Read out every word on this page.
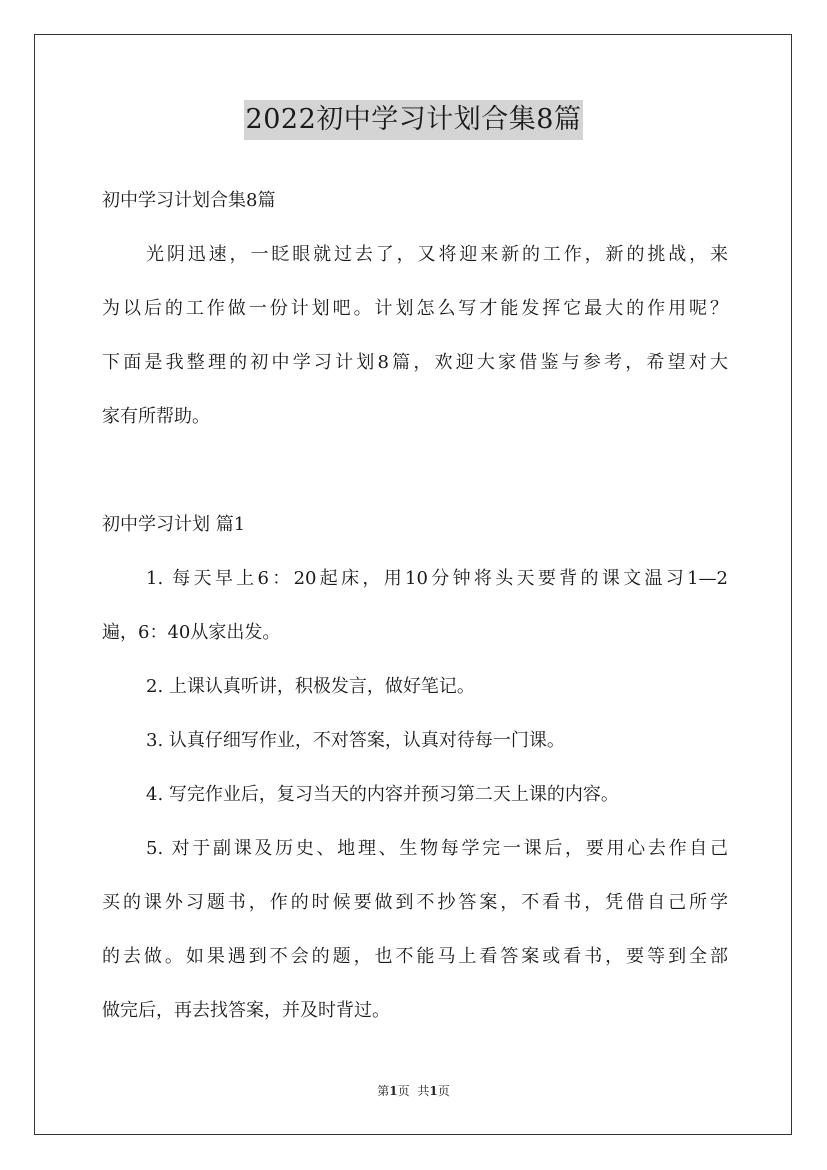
2022初中学习计划合集8篇
初中学习计划合集8篇
光阴迅速，一眨眼就过去了，又将迎来新的工作，新的挑战，来
为以后的工作做一份计划吧。计划怎么写才能发挥它最大的作用呢？
下面是我整理的初中学习计划8篇，欢迎大家借鉴与参考，希望对大
家有所帮助。
初中学习计划 篇1
1. 每天早上6：20起床，用10分钟将头天要背的课文温习1—2
遍，6：40从家出发。
2. 上课认真听讲，积极发言，做好笔记。
3. 认真仔细写作业，不对答案，认真对待每一门课。
4. 写完作业后，复习当天的内容并预习第二天上课的内容。
5. 对于副课及历史、地理、生物每学完一课后，要用心去作自己
买的课外习题书，作的时候要做到不抄答案，不看书，凭借自己所学
的去做。如果遇到不会的题，也不能马上看答案或看书，要等到全部
做完后，再去找答案，并及时背过。
第1页 共1页
